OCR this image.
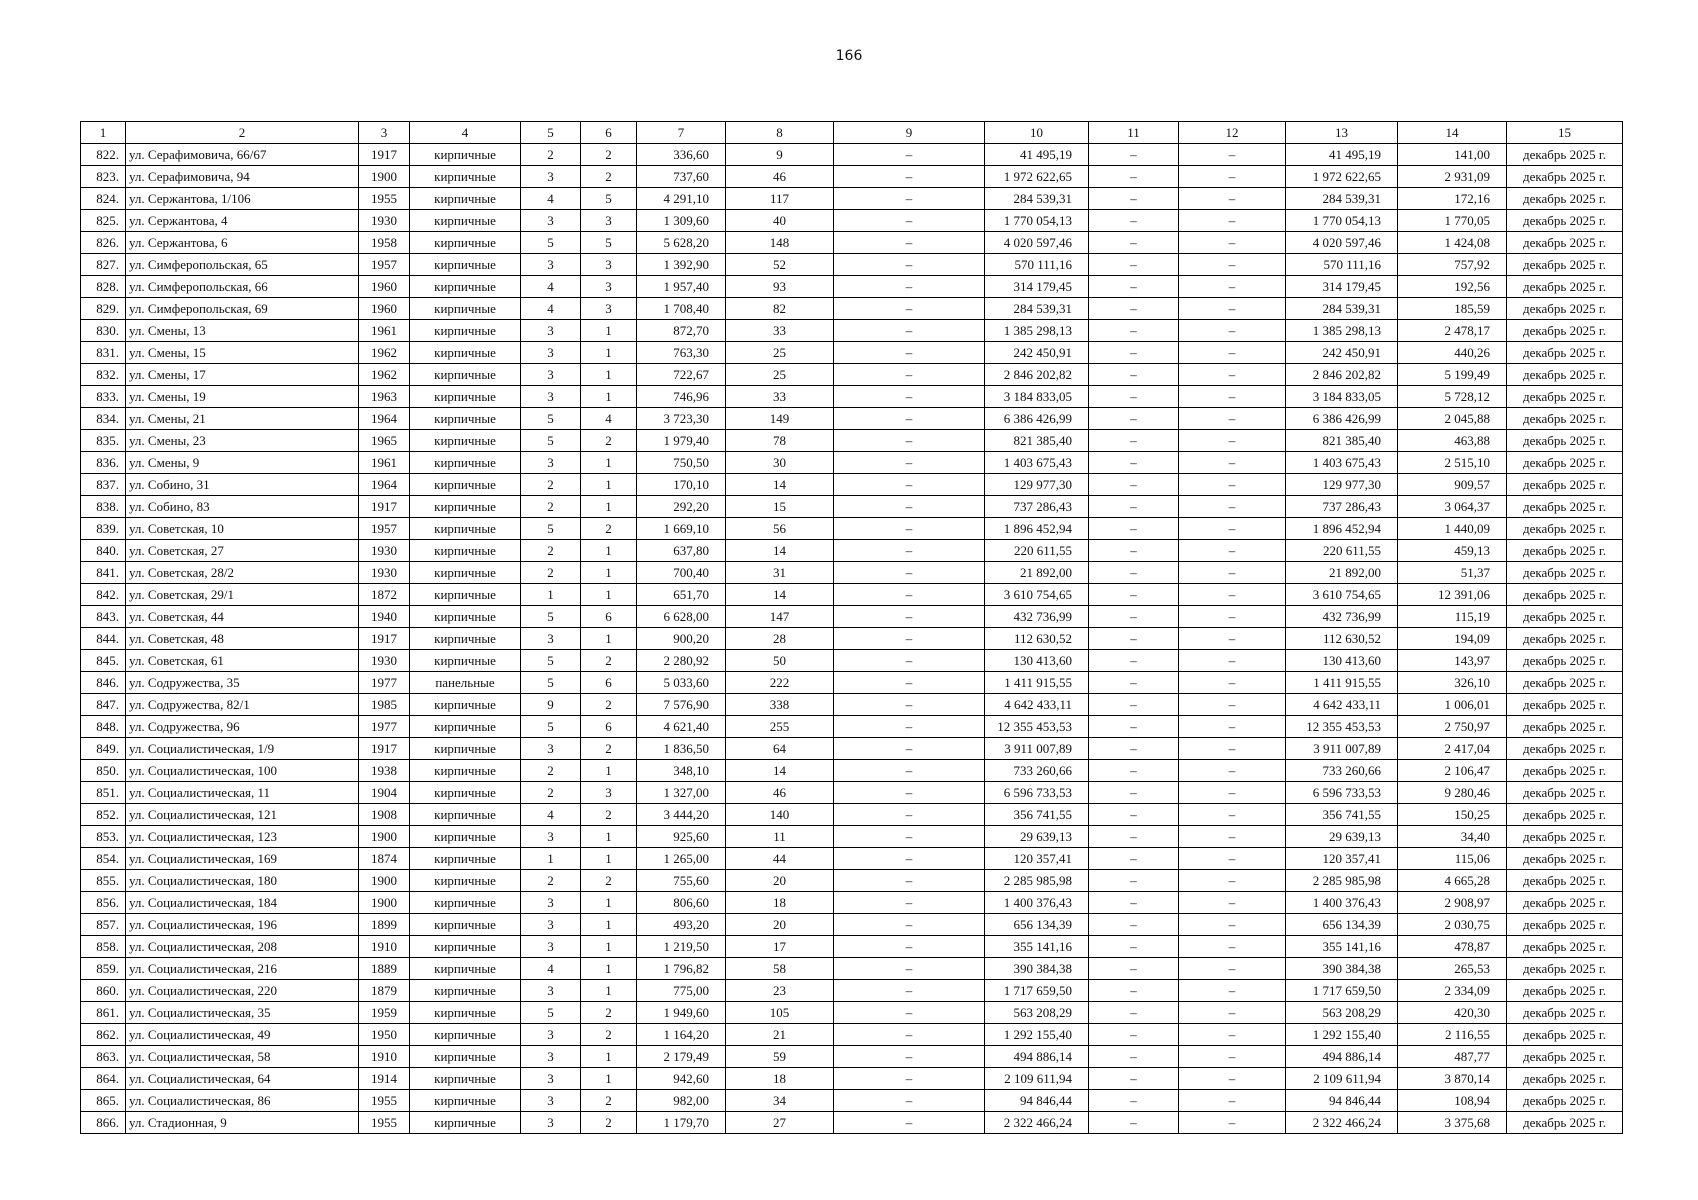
166
1	2	3	4	5	6	7	8	9	10	11	12	13	14	15
822.	ул. Серафимовича, 66/67	1917	кирпичные	2	2	336,60	9	–	41 495,19	–	–	41 495,19	141,00	декабрь 2025 г.
823.	ул. Серафимовича, 94	1900	кирпичные	3	2	737,60	46	–	1 972 622,65	–	–	1 972 622,65	2 931,09	декабрь 2025 г.
824.	ул. Сержантова, 1/106	1955	кирпичные	4	5	4 291,10	117	–	284 539,31	–	–	284 539,31	172,16	декабрь 2025 г.
825.	ул. Сержантова, 4	1930	кирпичные	3	3	1 309,60	40	–	1 770 054,13	–	–	1 770 054,13	1 770,05	декабрь 2025 г.
826.	ул. Сержантова, 6	1958	кирпичные	5	5	5 628,20	148	–	4 020 597,46	–	–	4 020 597,46	1 424,08	декабрь 2025 г.
827.	ул. Симферопольская, 65	1957	кирпичные	3	3	1 392,90	52	–	570 111,16	–	–	570 111,16	757,92	декабрь 2025 г.
828.	ул. Симферопольская, 66	1960	кирпичные	4	3	1 957,40	93	–	314 179,45	–	–	314 179,45	192,56	декабрь 2025 г.
829.	ул. Симферопольская, 69	1960	кирпичные	4	3	1 708,40	82	–	284 539,31	–	–	284 539,31	185,59	декабрь 2025 г.
830.	ул. Смены, 13	1961	кирпичные	3	1	872,70	33	–	1 385 298,13	–	–	1 385 298,13	2 478,17	декабрь 2025 г.
831.	ул. Смены, 15	1962	кирпичные	3	1	763,30	25	–	242 450,91	–	–	242 450,91	440,26	декабрь 2025 г.
832.	ул. Смены, 17	1962	кирпичные	3	1	722,67	25	–	2 846 202,82	–	–	2 846 202,82	5 199,49	декабрь 2025 г.
833.	ул. Смены, 19	1963	кирпичные	3	1	746,96	33	–	3 184 833,05	–	–	3 184 833,05	5 728,12	декабрь 2025 г.
834.	ул. Смены, 21	1964	кирпичные	5	4	3 723,30	149	–	6 386 426,99	–	–	6 386 426,99	2 045,88	декабрь 2025 г.
835.	ул. Смены, 23	1965	кирпичные	5	2	1 979,40	78	–	821 385,40	–	–	821 385,40	463,88	декабрь 2025 г.
836.	ул. Смены, 9	1961	кирпичные	3	1	750,50	30	–	1 403 675,43	–	–	1 403 675,43	2 515,10	декабрь 2025 г.
837.	ул. Собино, 31	1964	кирпичные	2	1	170,10	14	–	129 977,30	–	–	129 977,30	909,57	декабрь 2025 г.
838.	ул. Собино, 83	1917	кирпичные	2	1	292,20	15	–	737 286,43	–	–	737 286,43	3 064,37	декабрь 2025 г.
839.	ул. Советская, 10	1957	кирпичные	5	2	1 669,10	56	–	1 896 452,94	–	–	1 896 452,94	1 440,09	декабрь 2025 г.
840.	ул. Советская, 27	1930	кирпичные	2	1	637,80	14	–	220 611,55	–	–	220 611,55	459,13	декабрь 2025 г.
841.	ул. Советская, 28/2	1930	кирпичные	2	1	700,40	31	–	21 892,00	–	–	21 892,00	51,37	декабрь 2025 г.
842.	ул. Советская, 29/1	1872	кирпичные	1	1	651,70	14	–	3 610 754,65	–	–	3 610 754,65	12 391,06	декабрь 2025 г.
843.	ул. Советская, 44	1940	кирпичные	5	6	6 628,00	147	–	432 736,99	–	–	432 736,99	115,19	декабрь 2025 г.
844.	ул. Советская, 48	1917	кирпичные	3	1	900,20	28	–	112 630,52	–	–	112 630,52	194,09	декабрь 2025 г.
845.	ул. Советская, 61	1930	кирпичные	5	2	2 280,92	50	–	130 413,60	–	–	130 413,60	143,97	декабрь 2025 г.
846.	ул. Содружества, 35	1977	панельные	5	6	5 033,60	222	–	1 411 915,55	–	–	1 411 915,55	326,10	декабрь 2025 г.
847.	ул. Содружества, 82/1	1985	кирпичные	9	2	7 576,90	338	–	4 642 433,11	–	–	4 642 433,11	1 006,01	декабрь 2025 г.
848.	ул. Содружества, 96	1977	кирпичные	5	6	4 621,40	255	–	12 355 453,53	–	–	12 355 453,53	2 750,97	декабрь 2025 г.
849.	ул. Социалистическая, 1/9	1917	кирпичные	3	2	1 836,50	64	–	3 911 007,89	–	–	3 911 007,89	2 417,04	декабрь 2025 г.
850.	ул. Социалистическая, 100	1938	кирпичные	2	1	348,10	14	–	733 260,66	–	–	733 260,66	2 106,47	декабрь 2025 г.
851.	ул. Социалистическая, 11	1904	кирпичные	2	3	1 327,00	46	–	6 596 733,53	–	–	6 596 733,53	9 280,46	декабрь 2025 г.
852.	ул. Социалистическая, 121	1908	кирпичные	4	2	3 444,20	140	–	356 741,55	–	–	356 741,55	150,25	декабрь 2025 г.
853.	ул. Социалистическая, 123	1900	кирпичные	3	1	925,60	11	–	29 639,13	–	–	29 639,13	34,40	декабрь 2025 г.
854.	ул. Социалистическая, 169	1874	кирпичные	1	1	1 265,00	44	–	120 357,41	–	–	120 357,41	115,06	декабрь 2025 г.
855.	ул. Социалистическая, 180	1900	кирпичные	2	2	755,60	20	–	2 285 985,98	–	–	2 285 985,98	4 665,28	декабрь 2025 г.
856.	ул. Социалистическая, 184	1900	кирпичные	3	1	806,60	18	–	1 400 376,43	–	–	1 400 376,43	2 908,97	декабрь 2025 г.
857.	ул. Социалистическая, 196	1899	кирпичные	3	1	493,20	20	–	656 134,39	–	–	656 134,39	2 030,75	декабрь 2025 г.
858.	ул. Социалистическая, 208	1910	кирпичные	3	1	1 219,50	17	–	355 141,16	–	–	355 141,16	478,87	декабрь 2025 г.
859.	ул. Социалистическая, 216	1889	кирпичные	4	1	1 796,82	58	–	390 384,38	–	–	390 384,38	265,53	декабрь 2025 г.
860.	ул. Социалистическая, 220	1879	кирпичные	3	1	775,00	23	–	1 717 659,50	–	–	1 717 659,50	2 334,09	декабрь 2025 г.
861.	ул. Социалистическая, 35	1959	кирпичные	5	2	1 949,60	105	–	563 208,29	–	–	563 208,29	420,30	декабрь 2025 г.
862.	ул. Социалистическая, 49	1950	кирпичные	3	2	1 164,20	21	–	1 292 155,40	–	–	1 292 155,40	2 116,55	декабрь 2025 г.
863.	ул. Социалистическая, 58	1910	кирпичные	3	1	2 179,49	59	–	494 886,14	–	–	494 886,14	487,77	декабрь 2025 г.
864.	ул. Социалистическая, 64	1914	кирпичные	3	1	942,60	18	–	2 109 611,94	–	–	2 109 611,94	3 870,14	декабрь 2025 г.
865.	ул. Социалистическая, 86	1955	кирпичные	3	2	982,00	34	–	94 846,44	–	–	94 846,44	108,94	декабрь 2025 г.
866.	ул. Стадионная, 9	1955	кирпичные	3	2	1 179,70	27	–	2 322 466,24	–	–	2 322 466,24	3 375,68	декабрь 2025 г.
